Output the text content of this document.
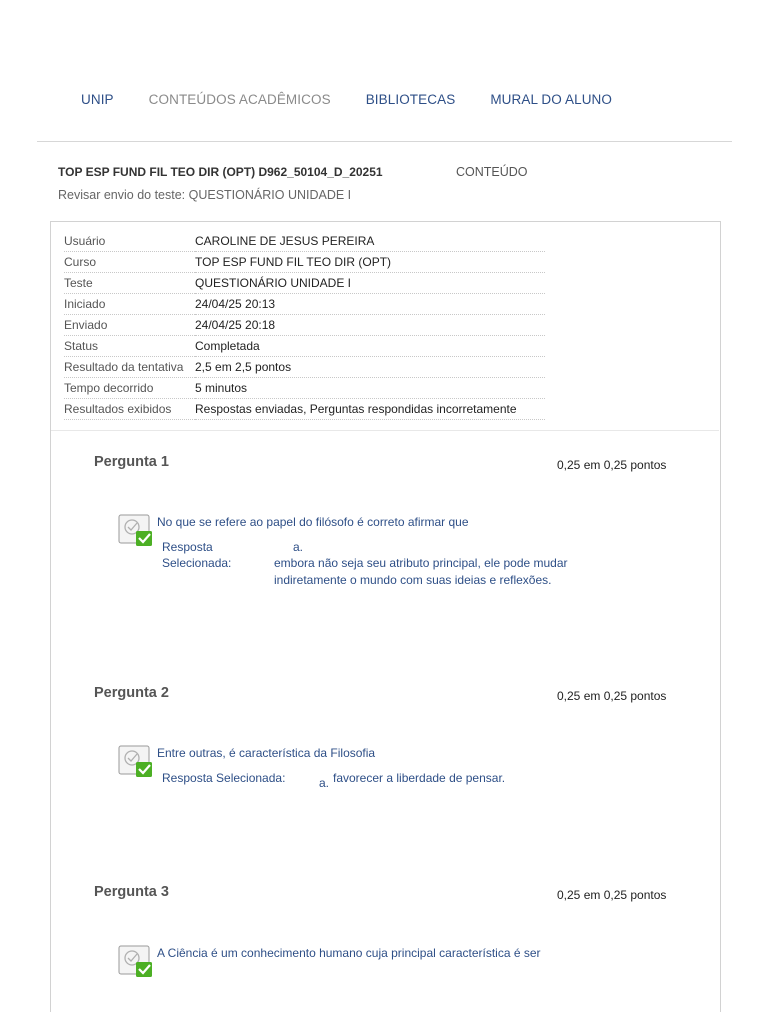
UNIP	CONTEÚDOS ACADÊMICOS	BIBLIOTECAS	MURAL DO ALUNO
TOP ESP FUND FIL TEO DIR (OPT) D962_50104_D_20251	CONTEÚDO
Revisar envio do teste: QUESTIONÁRIO UNIDADE I
Usuário	CAROLINE DE JESUS PEREIRA
Curso	TOP ESP FUND FIL TEO DIR (OPT)
Teste	QUESTIONÁRIO UNIDADE I
Iniciado	24/04/25 20:13
Enviado	24/04/25 20:18
Status	Completada
Resultado da tentativa	2,5 em 2,5 pontos
Tempo decorrido	5 minutos
Resultados exibidos	Respostas enviadas, Perguntas respondidas incorretamente
Pergunta 1	0,25 em 0,25 pontos
No que se refere ao papel do filósofo é correto afirmar que
Resposta
Selecionada:
a.
embora não seja seu atributo principal, ele pode mudar
indiretamente o mundo com suas ideias e reflexões.
Pergunta 2	0,25 em 0,25 pontos
Entre outras, é característica da Filosofia
Resposta Selecionada:	a. favorecer a liberdade de pensar.
Pergunta 3	0,25 em 0,25 pontos
A Ciência é um conhecimento humano cuja principal característica é ser
